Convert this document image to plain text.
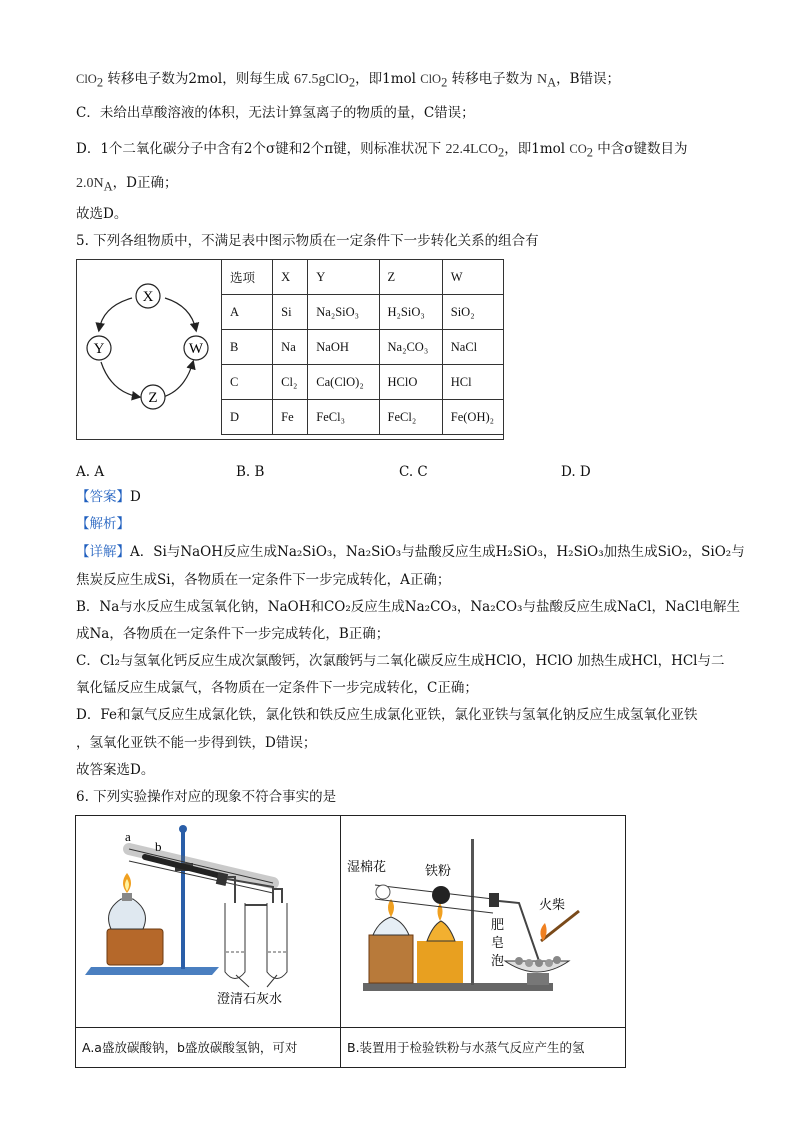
ClO$_2$ 转移电子数为2mol，则每生成 67.5gClO$_2$，即1mol ClO$_2$ 转移电子数为 $N_A$，B错误；
C．未给出草酸溶液的体积，无法计算氢离子的物质的量，C错误；
D．1个二氧化碳分子中含有2个σ键和2个π键，则标准状况下 $22.4LCO_2$，即1mol $CO_2$ 中含σ键数目为
$2.0N_A$，D正确；
故选D。
5. 下列各组物质中，不满足表中图示物质在一定条件下一步转化关系的组合有
X
Y	W
Z
选项	X	Y	Z	W
A	Si	Na₂SiO₃	H₂SiO₃	SiO₂
B	Na	NaOH	Na₂CO₃	NaCl
C	Cl₂	Ca(ClO)₂	HClO	HCl
D	Fe	FeCl₃	FeCl₂	Fe(OH)₂
A. A	B. B	C. C	D. D
【答案】D
【解析】
【详解】A．Si与NaOH反应生成Na₂SiO₃，Na₂SiO₃与盐酸反应生成H₂SiO₃，H₂SiO₃加热生成SiO₂，SiO₂与
焦炭反应生成Si，各物质在一定条件下一步完成转化，A正确；
B．Na与水反应生成氢氧化钠，NaOH和CO₂反应生成Na₂CO₃，Na₂CO₃与盐酸反应生成NaCl，NaCl电解生
成Na，各物质在一定条件下一步完成转化，B正确；
C．Cl₂与氢氧化钙反应生成次氯酸钙，次氯酸钙与二氧化碳反应生成HClO，HClO 加热生成HCl，HCl与二
氧化锰反应生成氯气，各物质在一定条件下一步完成转化，C正确；
D．Fe和氯气反应生成氯化铁，氯化铁和铁反应生成氯化亚铁，氯化亚铁与氢氧化钠反应生成氢氧化亚铁
，氢氧化亚铁不能一步得到铁，D错误；
故答案选D。
6. 下列实验操作对应的现象不符合事实的是
a
b
澄清石灰水
湿棉花	铁粉
火柴
肥 皂 泡
A.a盛放碳酸钠，b盛放碳酸氢钠，可对	B.装置用于检验铁粉与水蒸气反应产生的氢
